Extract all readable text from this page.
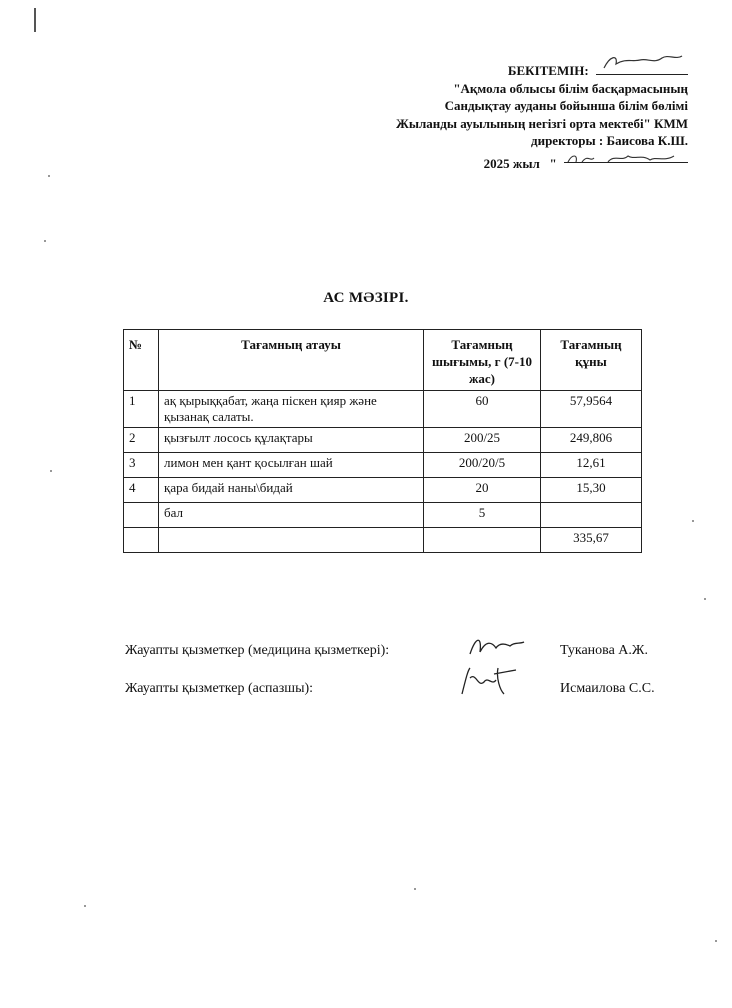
БЕКІТЕМІН:
"Ақмола облысы білім басқармасының
Сандықтау ауданы бойынша білім бөлімі
Жыланды ауылының негізгі орта мектебі" КММ
директоры : Баисова К.Ш.
2025 жыл "
АС МӘЗІРІ.
№	Тағамның атауы	Тағамның шығымы, г (7-10 жас)	Тағамның құны
1	ақ қырыққабат, жаңа піскен қияр және қызанақ салаты.	60	57,9564
2	қызғылт лосось құлақтары	200/25	249,806
3	лимон мен қант қосылған шай	200/20/5	12,61
4	қара бидай наны\бидай	20	15,30
	бал	5	
			335,67
Жауапты қызметкер (медицина қызметкері):	Туканова А.Ж.
Жауапты қызметкер (аспазшы):	Исмаилова С.С.
